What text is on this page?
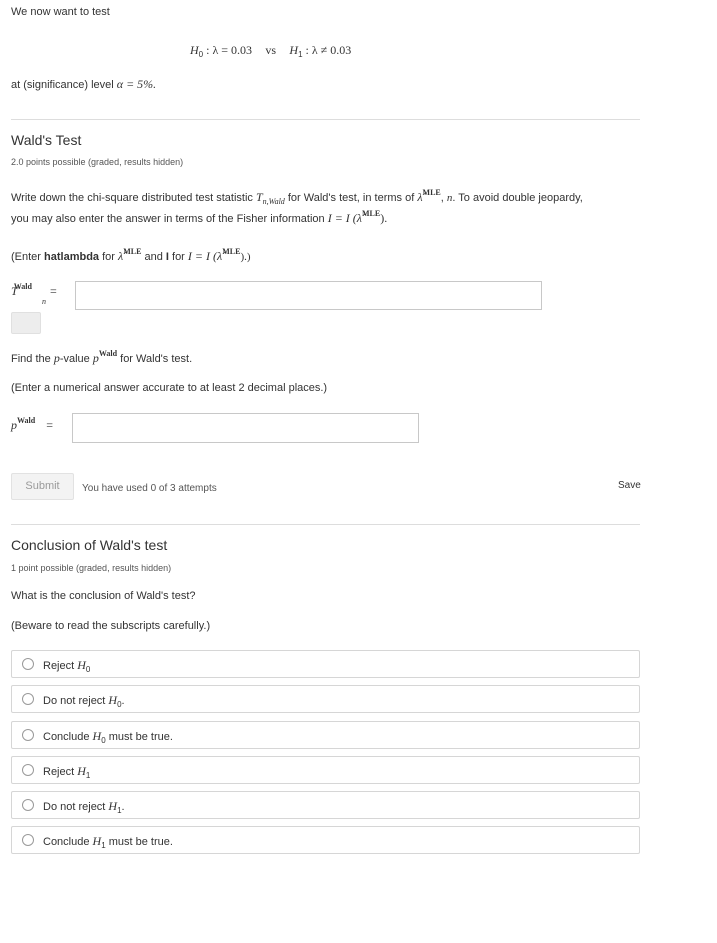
We now want to test
$H_0$ : λ = 0.03 vs $H_1$ : λ ≠ 0.03
at (significance) level α = 5%.
Wald's Test
2.0 points possible (graded, results hidden)
Write down the chi-square distributed test statistic $T_{n,Wald}$ for Wald's test, in terms of λ̂$^{MLE}$, n. To avoid double jeopardy,
you may also enter the answer in terms of the Fisher information I = I (λ̂$^{MLE}$).
(Enter hatlambda for λ̂$^{MLE}$ and I for I = I (λ̂$^{MLE}$).)
$T^{Wald}$ $_n$ =
Find the p-value $p^{Wald}$ for Wald's test.
(Enter a numerical answer accurate to at least 2 decimal places.)
$p^{Wald}$ =
Submit	You have used 0 of 3 attempts	Save
Conclusion of Wald's test
1 point possible (graded, results hidden)
What is the conclusion of Wald's test?
(Beware to read the subscripts carefully.)
Reject $H_0$
Do not reject $H_0$.
Conclude $H_0$ must be true.
Reject $H_1$
Do not reject $H_1$.
Conclude $H_1$ must be true.
